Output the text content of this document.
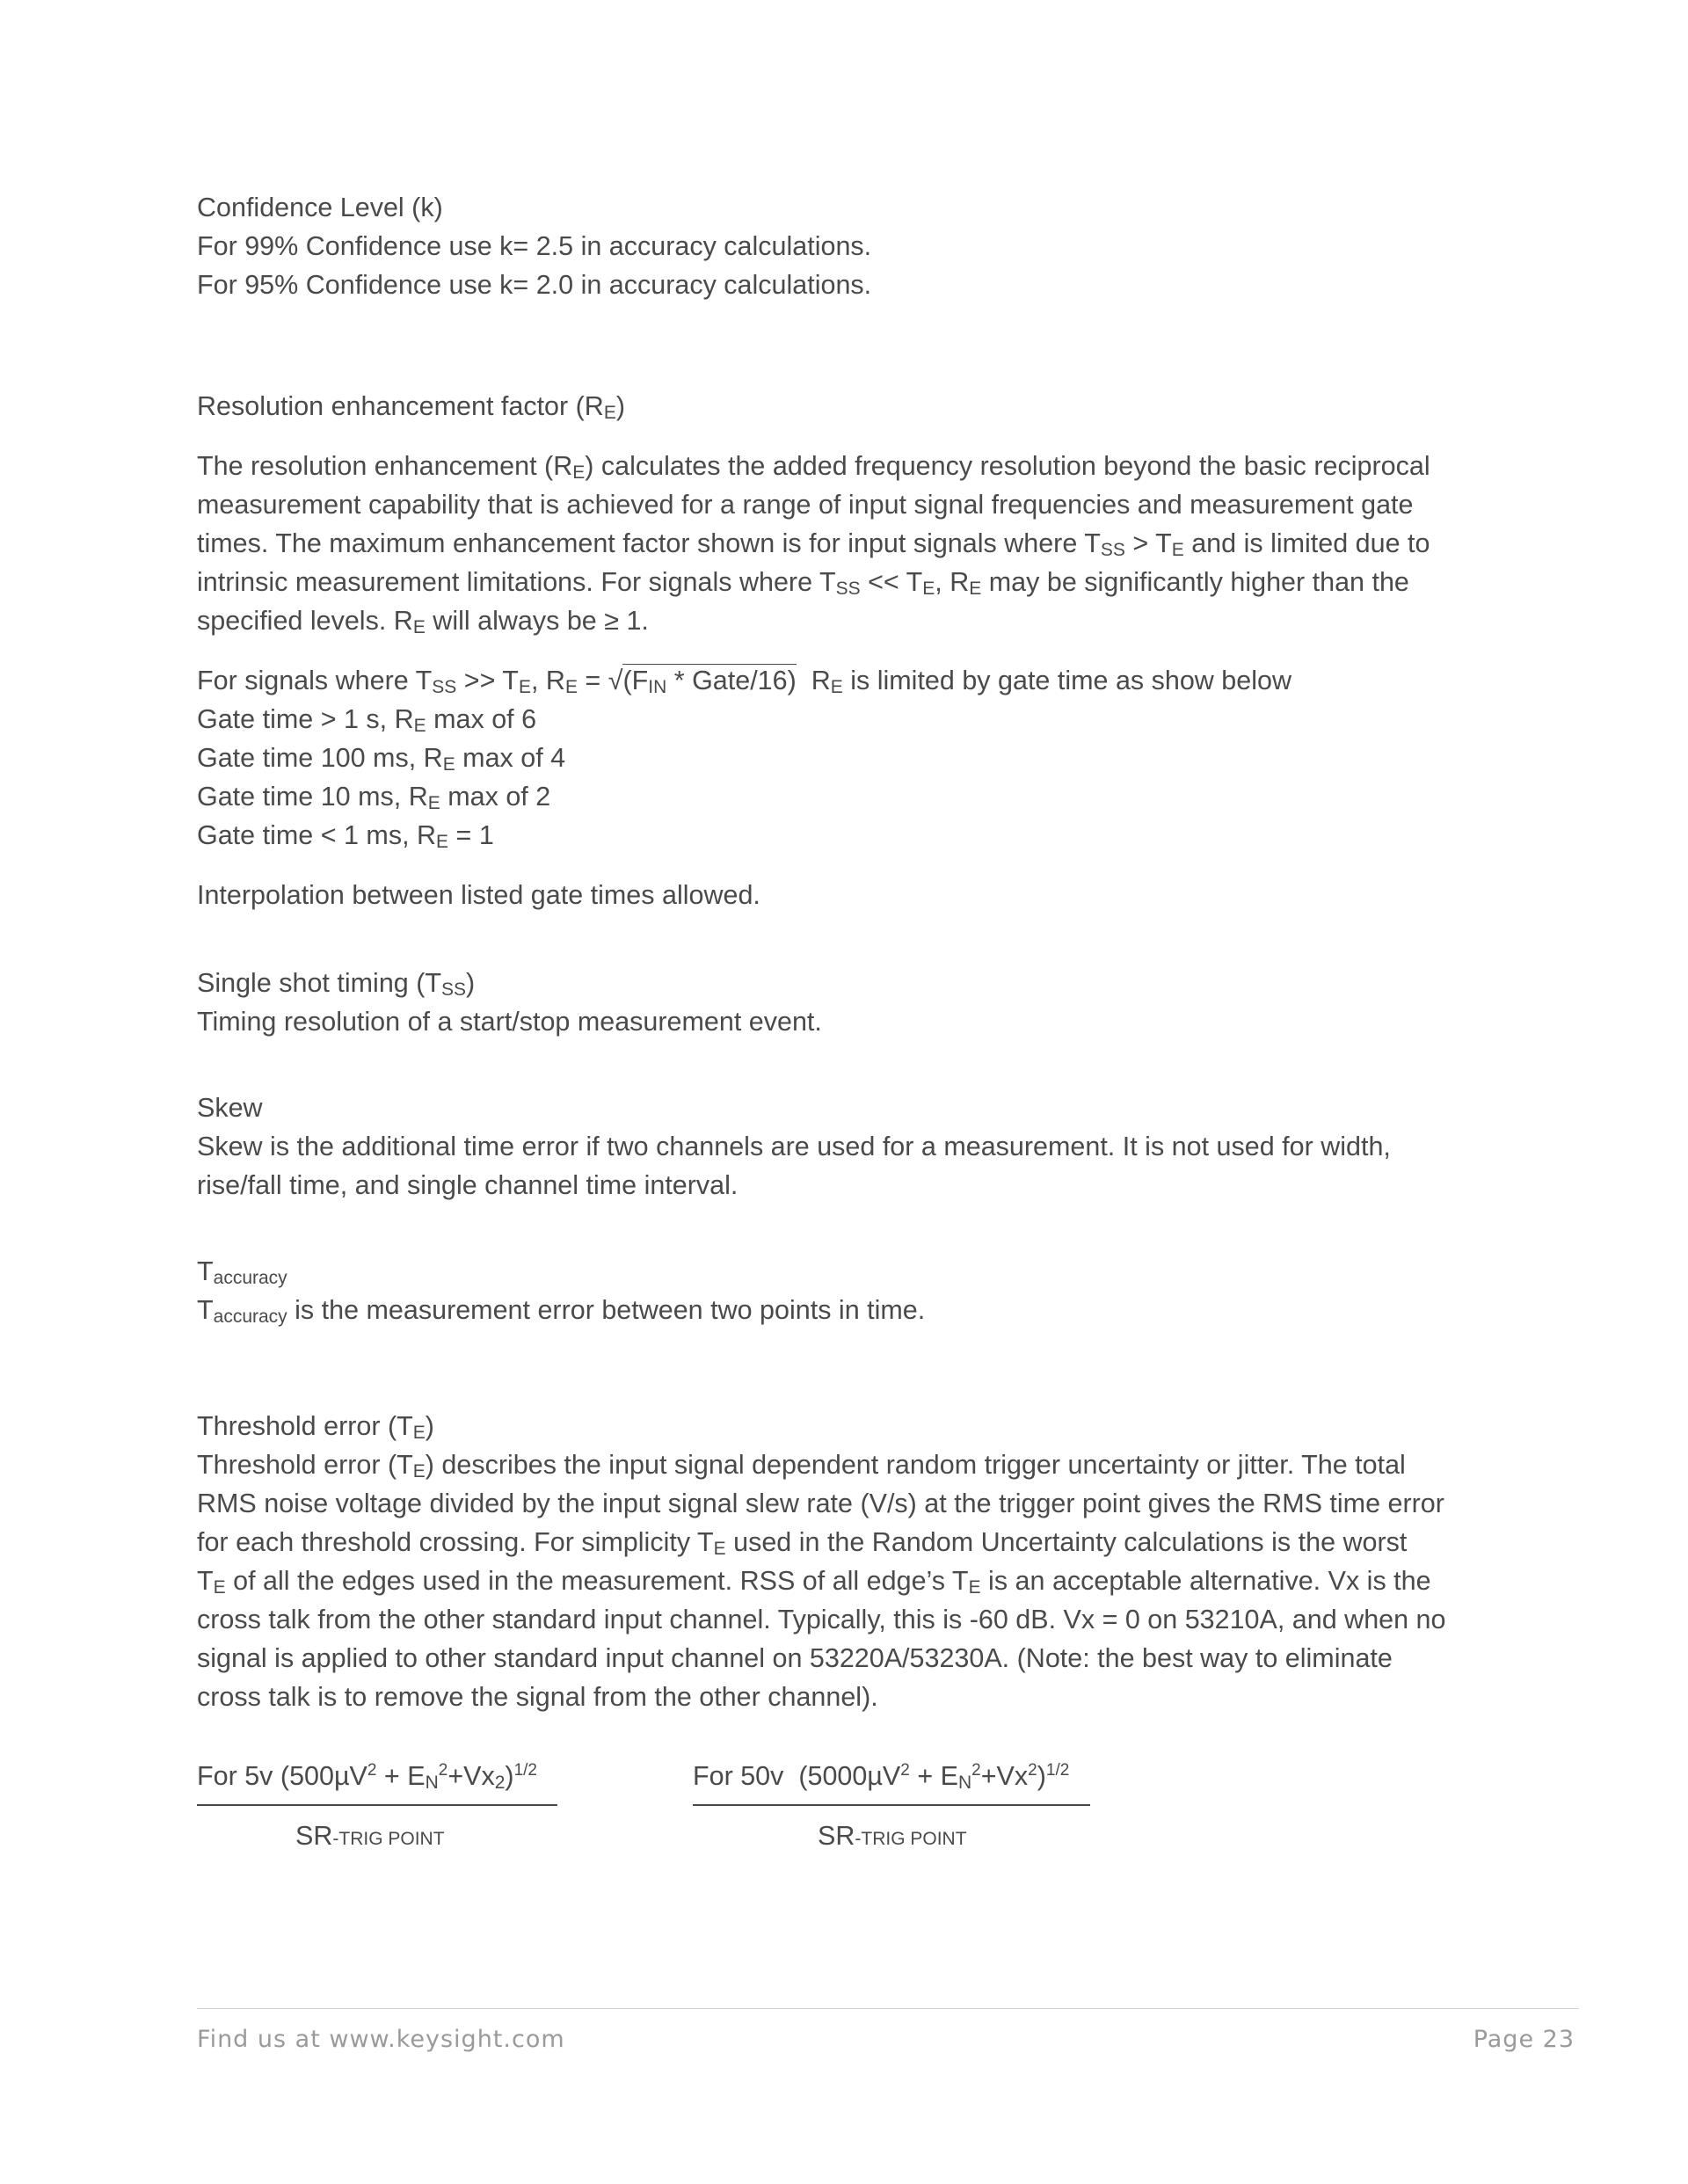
Confidence Level (k)

For 99% Confidence use k= 2.5 in accuracy calculations.

For 95% Confidence use k= 2.0 in accuracy calculations.

Resolution enhancement factor (RE)

The resolution enhancement (RE) calculates the added frequency resolution beyond the basic reciprocal

measurement capability that is achieved for a range of input signal frequencies and measurement gate

times. The maximum enhancement factor shown is for input signals where TSS > TE and is limited due to

intrinsic measurement limitations. For signals where TSS << TE, RE may be significantly higher than the

specified levels. RE will always be ≥ 1.

For signals where TSS >> TE, RE = √(FIN * Gate/16)  RE is limited by gate time as show below

Gate time > 1 s, RE max of 6

Gate time 100 ms, RE max of 4

Gate time 10 ms, RE max of 2

Gate time < 1 ms, RE = 1

Interpolation between listed gate times allowed.

Single shot timing (TSS)

Timing resolution of a start/stop measurement event.

Skew

Skew is the additional time error if two channels are used for a measurement. It is not used for width,

rise/fall time, and single channel time interval.

Taccuracy

Taccuracy is the measurement error between two points in time.

Threshold error (TE)

Threshold error (TE) describes the input signal dependent random trigger uncertainty or jitter. The total

RMS noise voltage divided by the input signal slew rate (V/s) at the trigger point gives the RMS time error

for each threshold crossing. For simplicity TE used in the Random Uncertainty calculations is the worst

TE of all the edges used in the measurement. RSS of all edge’s TE is an acceptable alternative. Vx is the

cross talk from the other standard input channel. Typically, this is -60 dB. Vx = 0 on 53210A, and when no

signal is applied to other standard input channel on 53220A/53230A. (Note: the best way to eliminate

cross talk is to remove the signal from the other channel).

For 5v $(500\mu V^2 + EN^2+Vx2)^{1/2}$

SR-TRIG POINT

For 50v  $(5000\mu V^2 + EN^2+Vx^2)^{1/2}$

SR-TRIG POINT

Find us at www.keysight.com	Page 23
